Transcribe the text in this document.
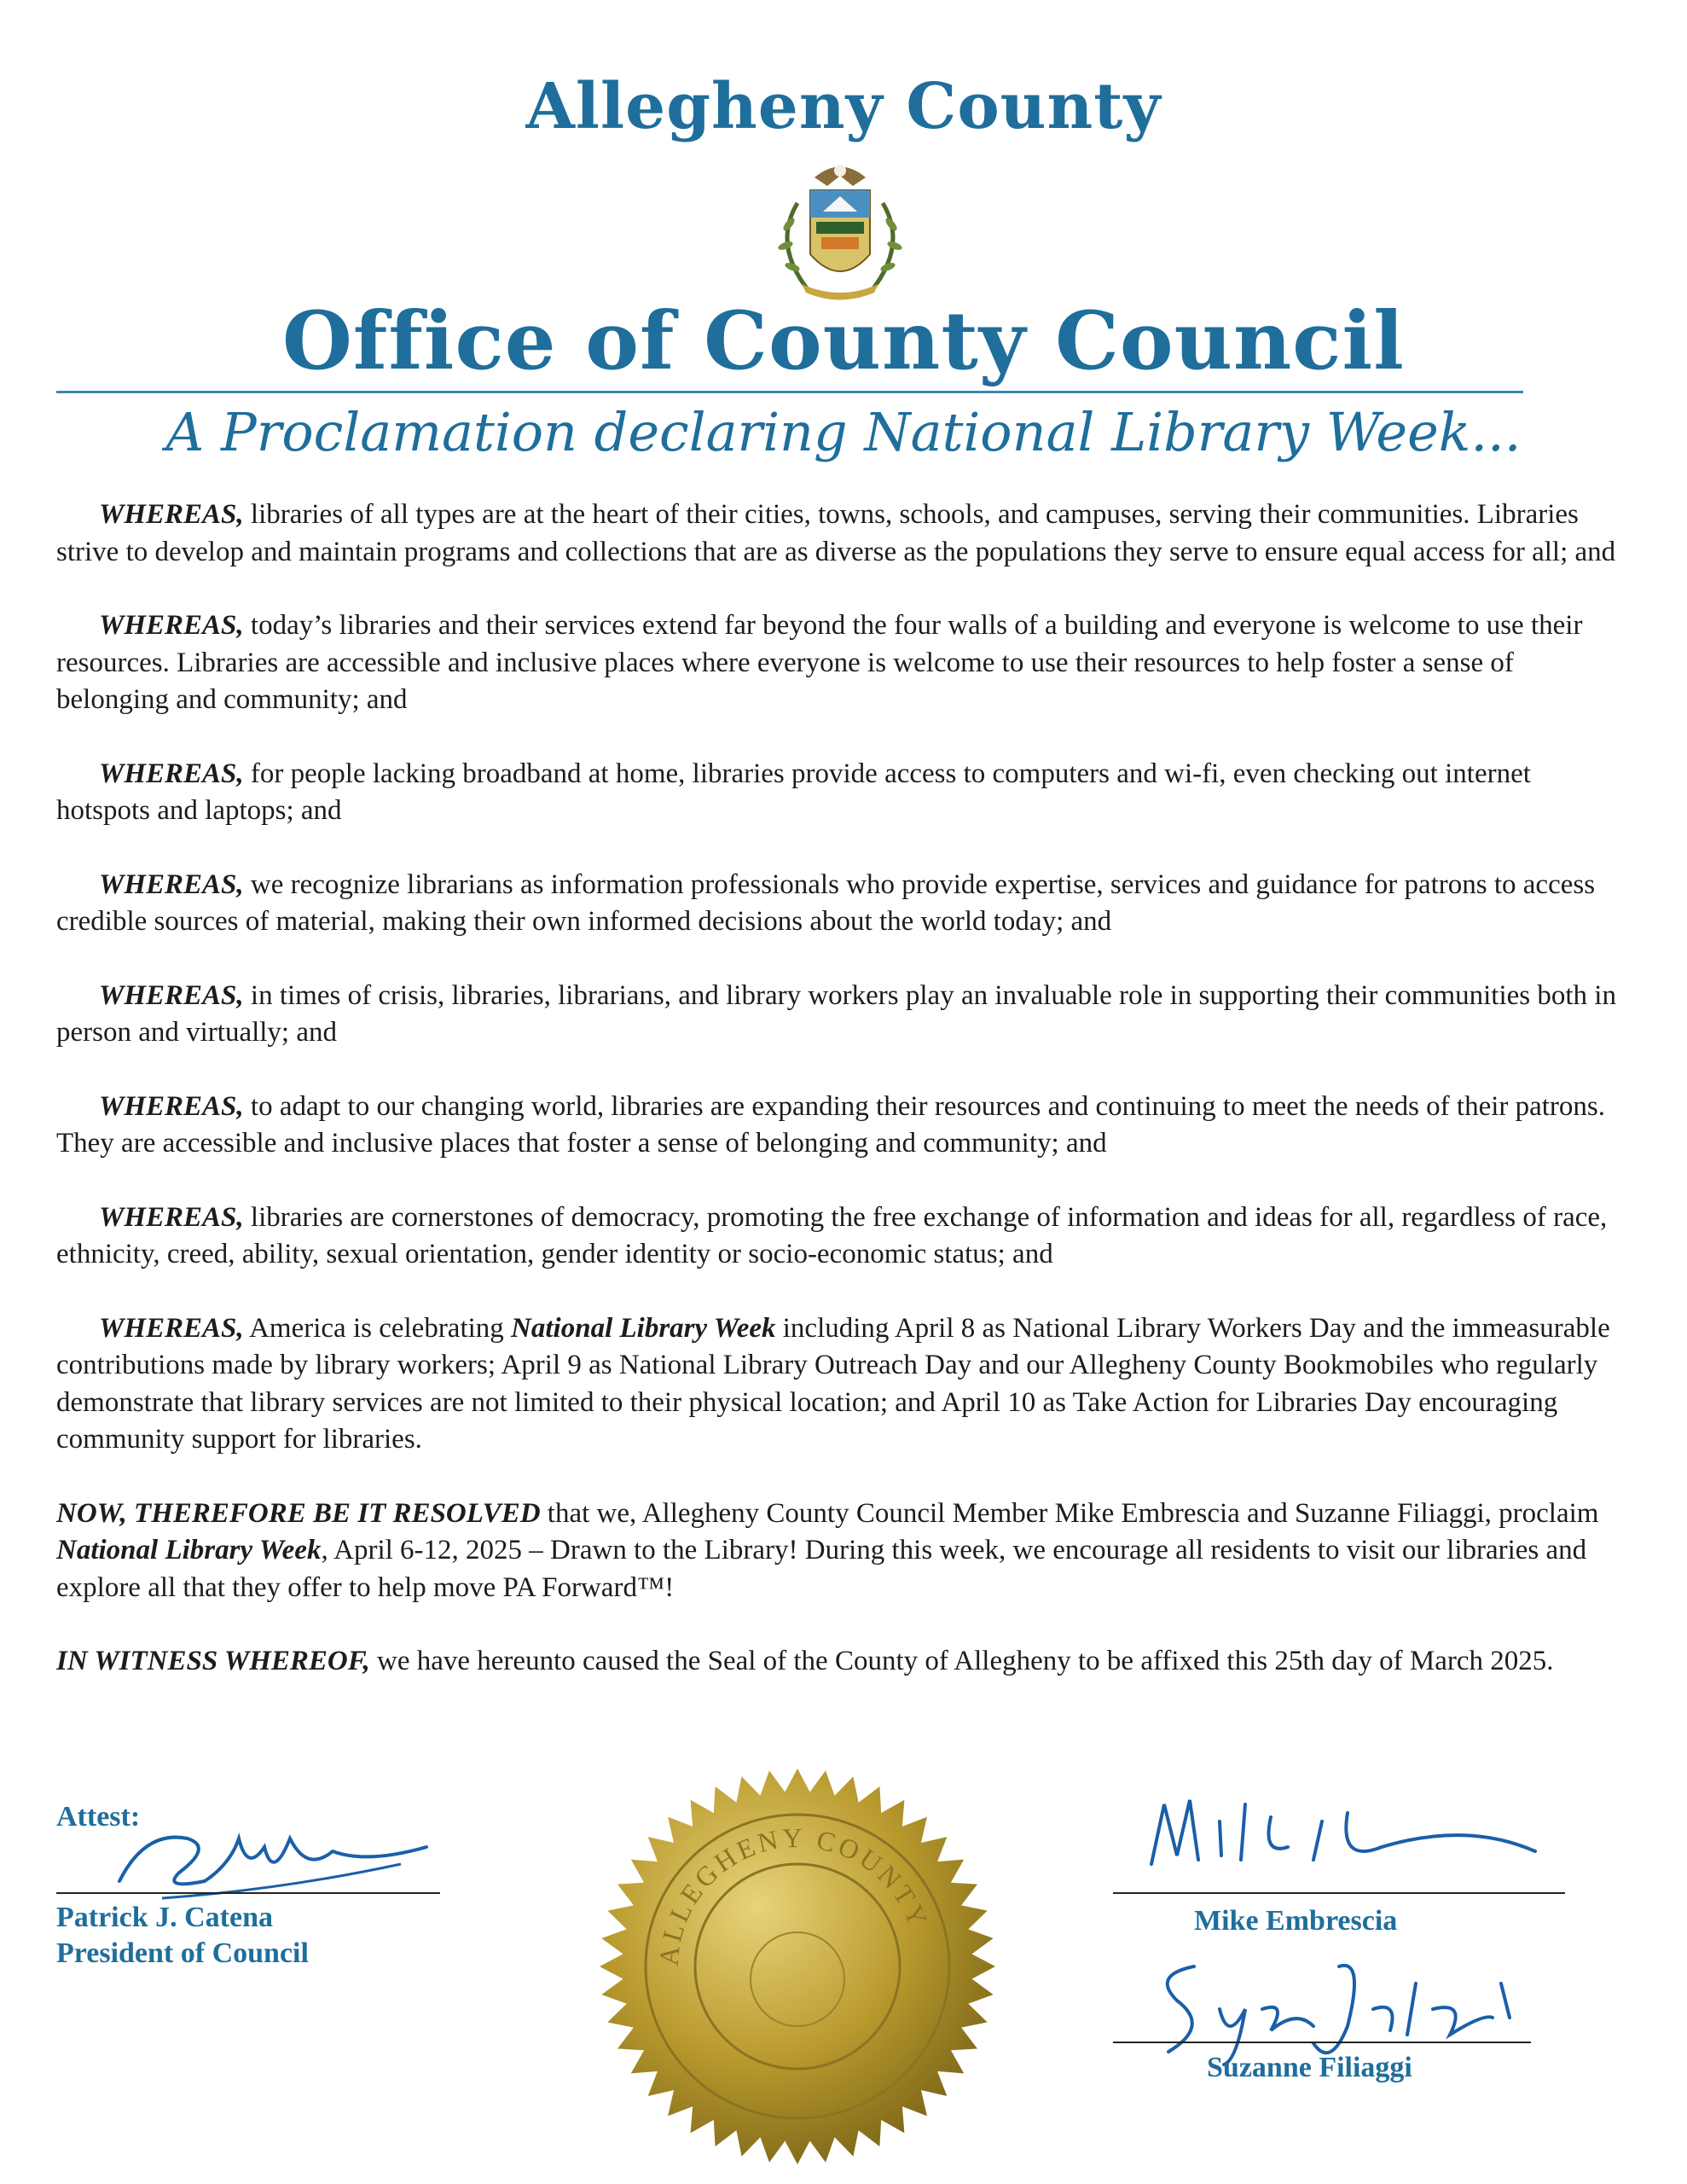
Allegheny County
Office of County Council
A Proclamation declaring National Library Week...

WHEREAS, libraries of all types are at the heart of their cities, towns, schools, and campuses, serving their communities. Libraries strive to develop and maintain programs and collections that are as diverse as the populations they serve to ensure equal access for all; and

WHEREAS, today’s libraries and their services extend far beyond the four walls of a building and everyone is welcome to use their resources. Libraries are accessible and inclusive places where everyone is welcome to use their resources to help foster a sense of belonging and community; and

WHEREAS, for people lacking broadband at home, libraries provide access to computers and wi-fi, even checking out internet hotspots and laptops; and

WHEREAS, we recognize librarians as information professionals who provide expertise, services and guidance for patrons to access credible sources of material, making their own informed decisions about the world today; and

WHEREAS, in times of crisis, libraries, librarians, and library workers play an invaluable role in supporting their communities both in person and virtually; and

WHEREAS, to adapt to our changing world, libraries are expanding their resources and continuing to meet the needs of their patrons. They are accessible and inclusive places that foster a sense of belonging and community; and

WHEREAS, libraries are cornerstones of democracy, promoting the free exchange of information and ideas for all, regardless of race, ethnicity, creed, ability, sexual orientation, gender identity or socio-economic status; and

WHEREAS, America is celebrating National Library Week including April 8 as National Library Workers Day and the immeasurable contributions made by library workers; April 9 as National Library Outreach Day and our Allegheny County Bookmobiles who regularly demonstrate that library services are not limited to their physical location; and April 10 as Take Action for Libraries Day encouraging community support for libraries.

NOW, THEREFORE BE IT RESOLVED that we, Allegheny County Council Member Mike Embrescia and Suzanne Filiaggi, proclaim National Library Week, April 6-12, 2025 – Drawn to the Library! During this week, we encourage all residents to visit our libraries and explore all that they offer to help move PA Forward™!

IN WITNESS WHEREOF, we have hereunto caused the Seal of the County of Allegheny to be affixed this 25th day of March 2025.

Attest:
Patrick J. Catena
President of Council	ALLEGHENY COUNTY	Mike Embrescia
Suzanne Filiaggi
